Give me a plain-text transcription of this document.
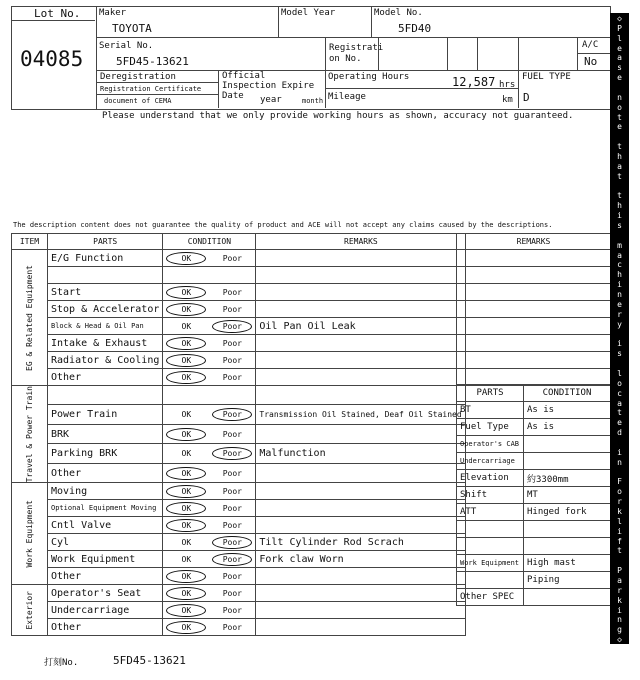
Lot No.
04085
Maker
TOYOTA
Model Year	Model No.
5FD40
Serial No.
5FD45-13621
Registrati on No.
A/C
No
Deregistration
Registration Certificate
document of CEMA
Official Inspection Expire Date	year	month
Operating Hours	12,587 hrs
Mileage	km
FUEL TYPE
D
Please understand that we only provide working hours as shown, accuracy not guaranteed.
The description content does not guarantee the quality of product and ACE will not accept any claims caused by the descriptions.
ITEM	PARTS	CONDITION		REMARKS

EG & Related Equipment	E/G Function	OK	Poor	

	Start	OK	Poor	
	Stop & Accelerator	OK	Poor	
	Block & Head & Oil Pan	OK	Poor	Oil Pan Oil Leak
	Intake & Exhaust	OK	Poor	
	Radiator & Cooling	OK	Poor	
	Other	OK	Poor	

Travel & Power Train				

	Power Train	OK	Poor	Transmission Oil Stained, Deaf Oil Stained
	BRK	OK	Poor	
	Parking BRK	OK	Poor	Malfunction
	Other	OK	Poor	

Work Equipment	Moving	OK	Poor	
	Optional Equipment Moving	OK	Poor	
	Cntl Valve	OK	Poor	
	Cyl	OK	Poor	Tilt Cylinder Rod Scrach
	Work Equipment	OK	Poor	Fork claw Worn
	Other	OK	Poor	

Exterior	Operator's Seat	OK	Poor	
	Undercarriage	OK	Poor	
	Other	OK	Poor	
REMARKS

PARTS	CONDITION
BT	As is
Fuel Type	As is
Operator's CAB	
Undercarriage	
Elevation	約3300mm
Shift	MT
ATT	Hinged fork

Work Equipment	High mast
	Piping
Other SPEC	
打刻No.	5FD45-13621
◇
P
l
e
a
s
e
n
o
t
e
t
h
a
t
t
h
i
s
m
a
c
h
i
n
e
r
y
i
s
l
o
c
a
t
e
d
i
n
F
o
r
k
l
i
f
t
P
a
r
k
i
n
g
◇
